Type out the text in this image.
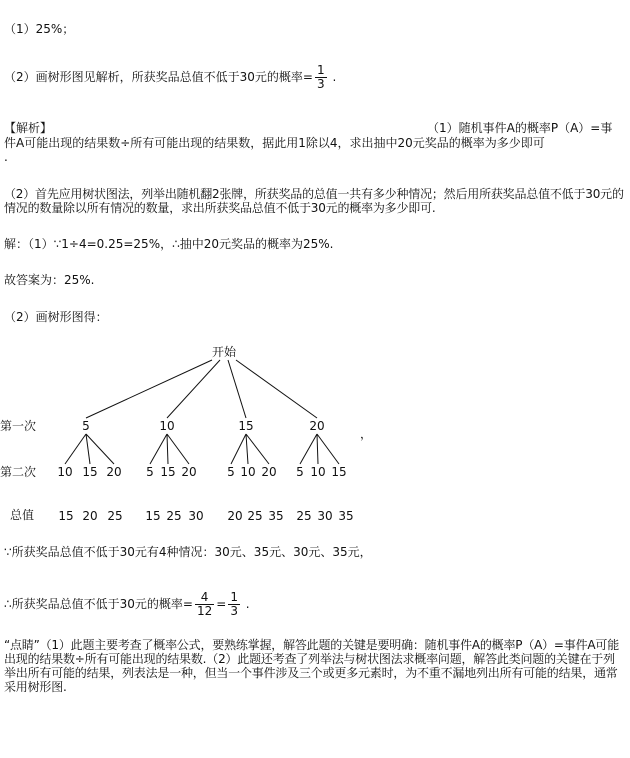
（1）25%；
（2）画树形图见解析，所获奖品总值不低于30元的概率= $\frac{1}{3}$ .
【解析】	（1）随机事件A的概率P（A）=事
件A可能出现的结果数÷所有可能出现的结果数，据此用1除以4，求出抽中20元奖品的概率为多少即可
.
（2）首先应用树状图法，列举出随机翻2张牌，所获奖品的总值一共有多少种情况；然后用所获奖品总值不低于30元的情况的数量除以所有情况的数量，求出所获奖品总值不低于30元的概率为多少即可.
解：（1）∵1÷4=0.25=25%，∴抽中20元奖品的概率为25%.
故答案为：25%.
（2）画树形图得：
开始
第一次
第二次
总值
，
5
10
15
15
20
20
25
10
5
15
15
25
20
30
15
5
20
10
25
20
35
20
5
25
10
30
15
35
∵所获奖品总值不低于30元有4种情况：30元、35元、30元、35元，
∴所获奖品总值不低于30元的概率= $\frac{4}{12} = \frac{1}{3}$ .
“点睛”（1）此题主要考查了概率公式，要熟练掌握，解答此题的关键是要明确：随机事件A的概率P（A）=事件A可能出现的结果数÷所有可能出现的结果数.（2）此题还考查了列举法与树状图法求概率问题，解答此类问题的关键在于列举出所有可能的结果，列表法是一种，但当一个事件涉及三个或更多元素时，为不重不漏地列出所有可能的结果，通常采用树形图.
